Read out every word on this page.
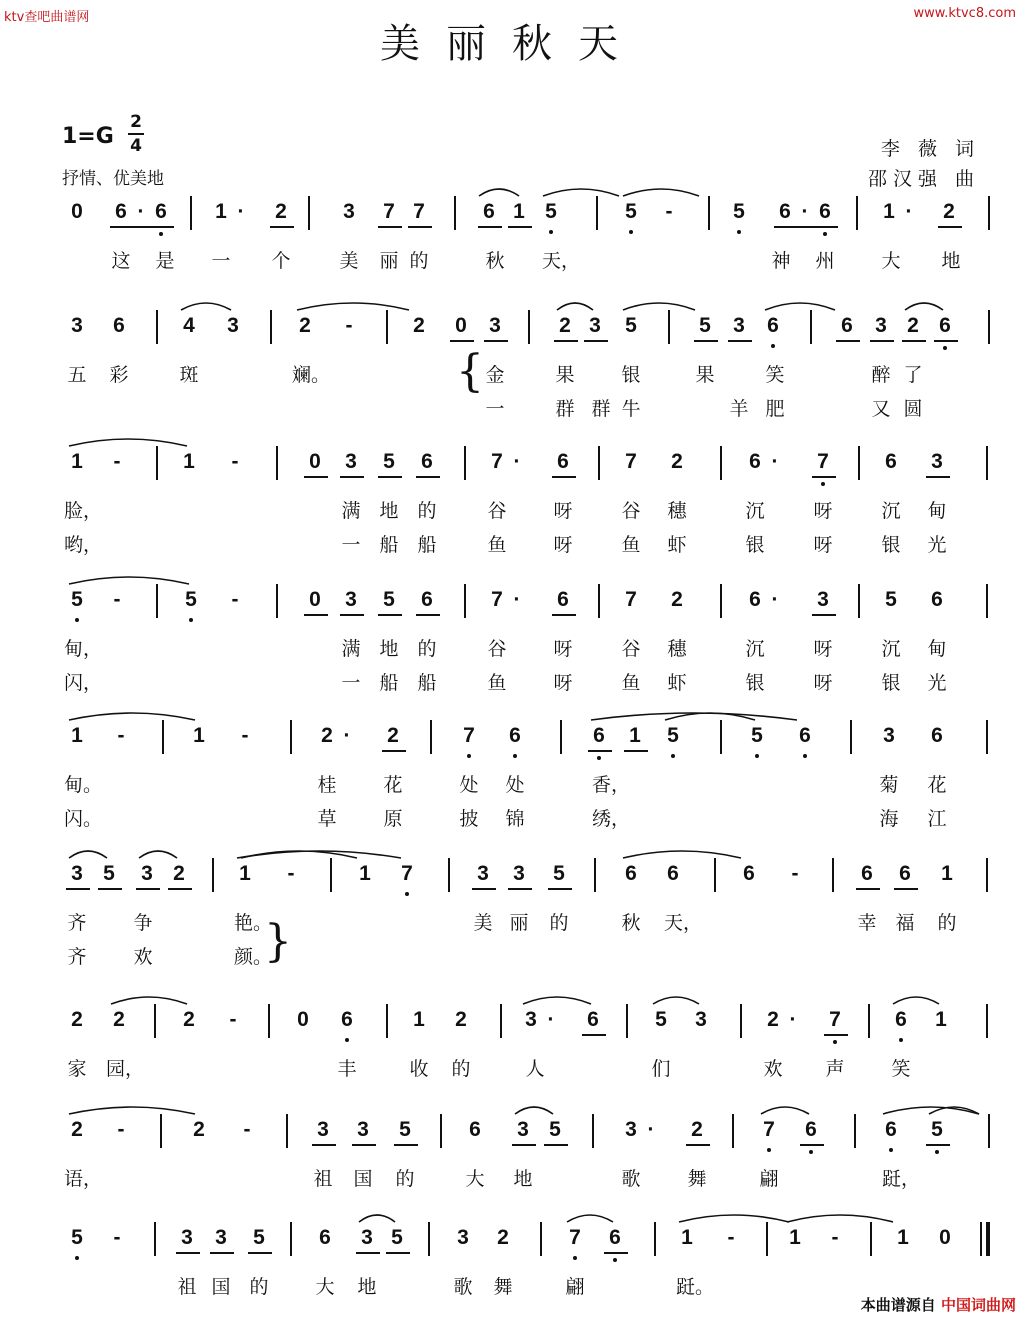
ktv查吧曲谱网	www.ktvc8.com
美丽秋天
1=G
2
4
抒情、优美地
李 薇 词
邵汉强 曲
0 6 · 6 1 · 2	3 7 7	6 1 5	5 -	5 6 · 6 1 · 2
这 是 一 个	美 丽 的	秋 天，	神 州 大 地
3 6	4 3	2 -	2 0 3	2 3 5	5 3 6	6 3 2 6
五 彩	斑	斓。	金	果 银	果	笑	醉 了
一	群 群 牛	羊 肥	又 圆
1 -	1 -	0 3 5 6	7 · 6	7 2	6 · 7	6 3
脸，	满 地 的	谷 呀	谷 穗	沉	呀	沉 甸
哟，	一 船 船	鱼 呀	鱼 虾	银	呀	银 光
5 -	5 -	0 3 5 6	7 · 6	7 2	6 · 3	5 6
甸，	满 地 的	谷 呀	谷 穗	沉	呀	沉 甸
闪，	一 船 船	鱼 呀	鱼 虾	银	呀	银 光
1 -	1 -	2 · 2	7 6	6 1 5	5 6	3 6
甸。	桂 花	处 处	香，	菊 花
闪。	草 原	披 锦	绣，	海 江
3 5 3 2	1 -	1 7	3 3 5	6 6	6 -	6 6 1
齐 争	艳。	美 丽 的	秋 天，	幸 福 的
齐 欢	颜。
2 2	2 -	0 6	1 2	3 · 6	5 3	2 · 7	6 1
家 园，	丰	收 的	人	们	欢 声 笑
2 -	2 -	3 3 5	6 3 5	3 · 2	7 6	6 5
语，	祖 国 的	大 地	歌 舞	翩	跹，
5 -	3 3 5	6 3 5	3 2	7 6	1 -	1 -	1 0
祖 国 的 大 地	歌 舞	翩	跹。
{
}
本曲谱源自 中国词曲网
